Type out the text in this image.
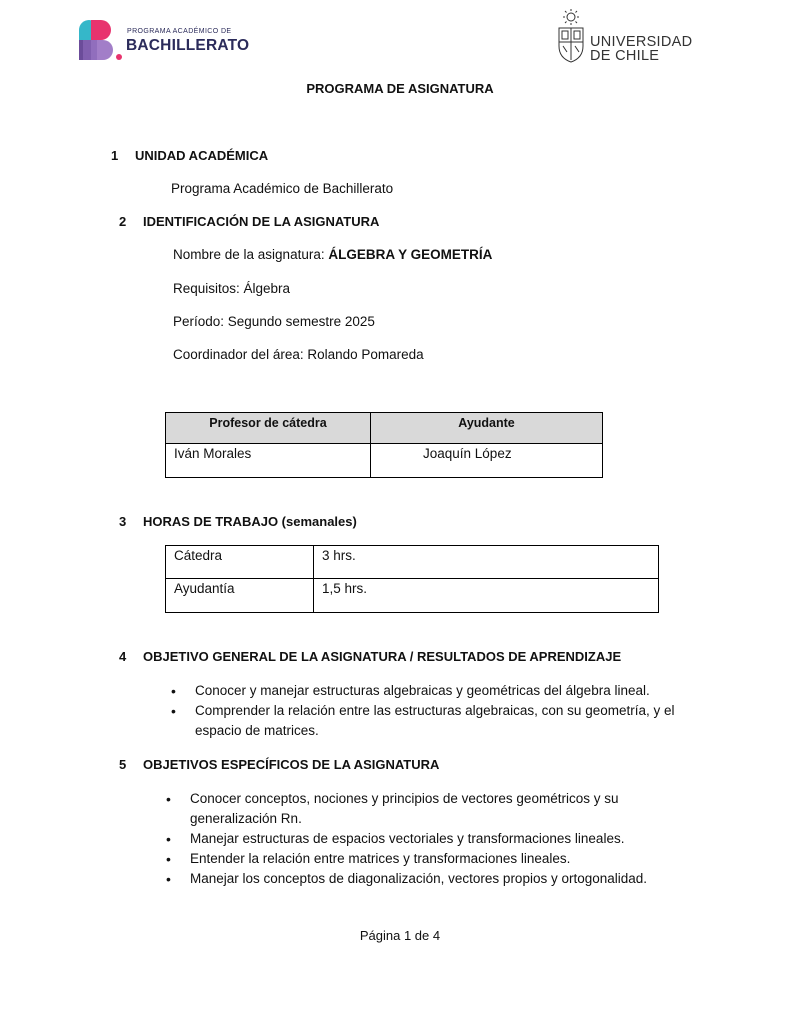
PROGRAMA ACADÉMICO DE
BACHILLERATO	UNIVERSIDAD
DE CHILE
PROGRAMA DE ASIGNATURA
1 UNIDAD ACADÉMICA
Programa Académico de Bachillerato
2 IDENTIFICACIÓN DE LA ASIGNATURA
Nombre de la asignatura: ÁLGEBRA Y GEOMETRÍA
Requisitos: Álgebra
Período: Segundo semestre 2025
Coordinador del área: Rolando Pomareda
Profesor de cátedra	Ayudante
Iván Morales	Joaquín López
3 HORAS DE TRABAJO (semanales)
Cátedra	3 hrs.
Ayudantía	1,5 hrs.
4 OBJETIVO GENERAL DE LA ASIGNATURA / RESULTADOS DE APRENDIZAJE
• Conocer y manejar estructuras algebraicas y geométricas del álgebra lineal.
• Comprender la relación entre las estructuras algebraicas, con su geometría, y el
espacio de matrices.
5 OBJETIVOS ESPECÍFICOS DE LA ASIGNATURA
• Conocer conceptos, nociones y principios de vectores geométricos y su
generalización Rn.
• Manejar estructuras de espacios vectoriales y transformaciones lineales.
• Entender la relación entre matrices y transformaciones lineales.
• Manejar los conceptos de diagonalización, vectores propios y ortogonalidad.
Página 1 de 4
